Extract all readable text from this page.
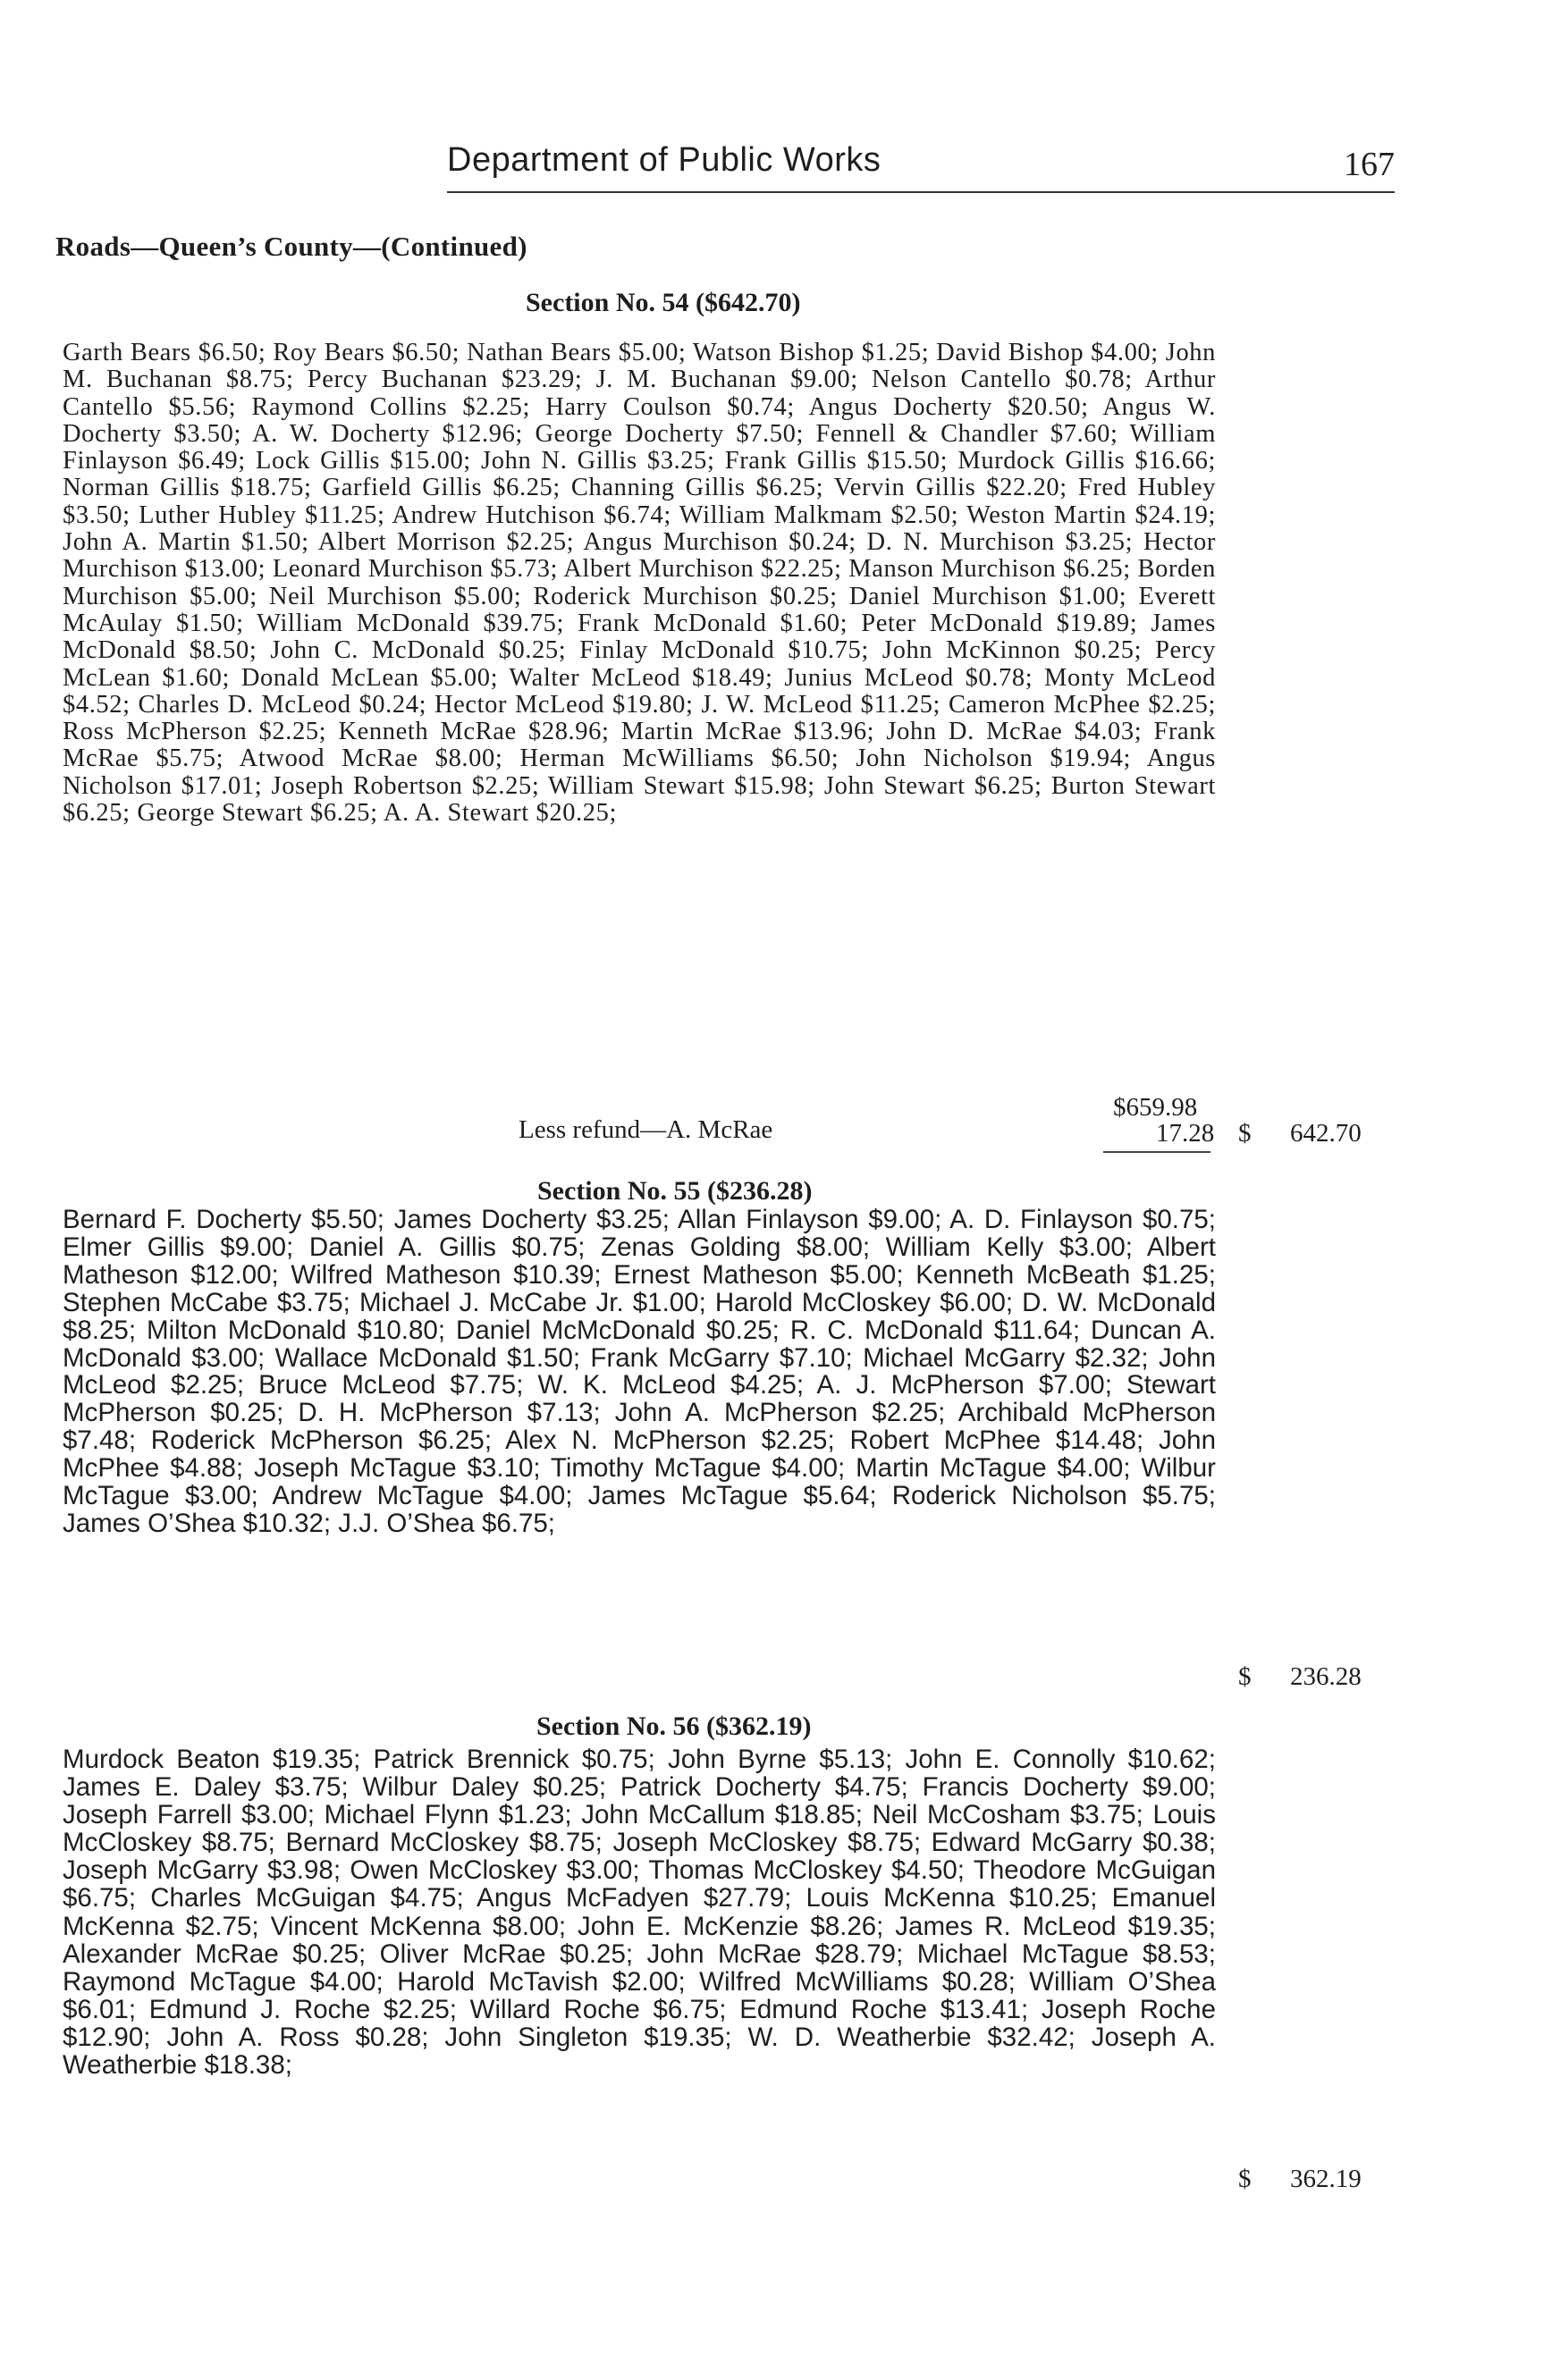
Department of Public Works	167
Roads—Queen’s County—(Continued)
Section No. 54 ($642.70)

Garth Bears $6.50; Roy Bears $6.50; Nathan Bears $5.00; Watson Bishop $1.25; David Bishop $4.00; John M. Buchanan $8.75; Percy Buchanan $23.29; J. M. Buchanan $9.00; Nelson Cantello $0.78; Arthur Cantello $5.56; Raymond Collins $2.25; Harry Coulson $0.74; Angus Docherty $20.50; Angus W. Docherty $3.50; A. W. Docherty $12.96; George Docherty $7.50; Fennell & Chandler $7.60; William Finlayson $6.49; Lock Gillis $15.00; John N. Gillis $3.25; Frank Gillis $15.50; Murdock Gillis $16.66; Norman Gillis $18.75; Garfield Gillis $6.25; Channing Gillis $6.25; Vervin Gillis $22.20; Fred Hubley $3.50; Luther Hubley $11.25; Andrew Hutchison $6.74; William Malkmam $2.50; Weston Martin $24.19; John A. Martin $1.50; Albert Morrison $2.25; Angus Murchison $0.24; D. N. Murchison $3.25; Hector Murchison $13.00; Leonard Murchison $5.73; Albert Murchison $22.25; Manson Murchison $6.25; Borden Murchison $5.00; Neil Murchison $5.00; Roderick Murchison $0.25; Daniel Murchison $1.00; Everett McAulay $1.50; William McDonald $39.75; Frank McDonald $1.60; Peter McDonald $19.89; James McDonald $8.50; John C. McDonald $0.25; Finlay McDonald $10.75; John McKinnon $0.25; Percy McLean $1.60; Donald McLean $5.00; Walter McLeod $18.49; Junius McLeod $0.78; Monty McLeod $4.52; Charles D. McLeod $0.24; Hector McLeod $19.80; J. W. McLeod $11.25; Cameron McPhee $2.25; Ross McPherson $2.25; Kenneth McRae $28.96; Martin McRae $13.96; John D. McRae $4.03; Frank McRae $5.75; Atwood McRae $8.00; Herman McWilliams $6.50; John Nicholson $19.94; Angus Nicholson $17.01; Joseph Robertson $2.25; William Stewart $15.98; John Stewart $6.25; Burton Stewart $6.25; George Stewart $6.25; A. A. Stewart $20.25;

$659.98
Less refund—A. McRae	17.28 $ 642.70
Section No. 55 ($236.28)

Bernard F. Docherty $5.50; James Docherty $3.25; Allan Finlayson $9.00; A. D. Finlayson $0.75; Elmer Gillis $9.00; Daniel A. Gillis $0.75; Zenas Golding $8.00; William Kelly $3.00; Albert Matheson $12.00; Wilfred Matheson $10.39; Ernest Matheson $5.00; Kenneth McBeath $1.25; Stephen McCabe $3.75; Michael J. McCabe Jr. $1.00; Harold McCloskey $6.00; D. W. McDonald $8.25; Milton McDonald $10.80; Daniel McMcDonald $0.25; R. C. McDonald $11.64; Duncan A. McDonald $3.00; Wallace McDonald $1.50; Frank McGarry $7.10; Michael McGarry $2.32; John McLeod $2.25; Bruce McLeod $7.75; W. K. McLeod $4.25; A. J. McPherson $7.00; Stewart McPherson $0.25; D. H. McPherson $7.13; John A. McPherson $2.25; Archibald McPherson $7.48; Roderick McPherson $6.25; Alex N. McPherson $2.25; Robert McPhee $14.48; John McPhee $4.88; Joseph McTague $3.10; Timothy McTague $4.00; Martin McTague $4.00; Wilbur McTague $3.00; Andrew McTague $4.00; James McTague $5.64; Roderick Nicholson $5.75; James O’Shea $10.32; J.J. O’Shea $6.75;

$ 236.28
Section No. 56 ($362.19)

Murdock Beaton $19.35; Patrick Brennick $0.75; John Byrne $5.13; John E. Connolly $10.62; James E. Daley $3.75; Wilbur Daley $0.25; Patrick Docherty $4.75; Francis Docherty $9.00; Joseph Farrell $3.00; Michael Flynn $1.23; John McCallum $18.85; Neil McCosham $3.75; Louis McCloskey $8.75; Bernard McCloskey $8.75; Joseph McCloskey $8.75; Edward McGarry $0.38; Joseph McGarry $3.98; Owen McCloskey $3.00; Thomas McCloskey $4.50; Theodore McGuigan $6.75; Charles McGuigan $4.75; Angus McFadyen $27.79; Louis McKenna $10.25; Emanuel McKenna $2.75; Vincent McKenna $8.00; John E. McKenzie $8.26; James R. McLeod $19.35; Alexander McRae $0.25; Oliver McRae $0.25; John McRae $28.79; Michael McTague $8.53; Raymond McTague $4.00; Harold McTavish $2.00; Wilfred McWilliams $0.28; William O’Shea $6.01; Edmund J. Roche $2.25; Willard Roche $6.75; Edmund Roche $13.41; Joseph Roche $12.90; John A. Ross $0.28; John Singleton $19.35; W. D. Weatherbie $32.42; Joseph A. Weatherbie $18.38;

$ 362.19
